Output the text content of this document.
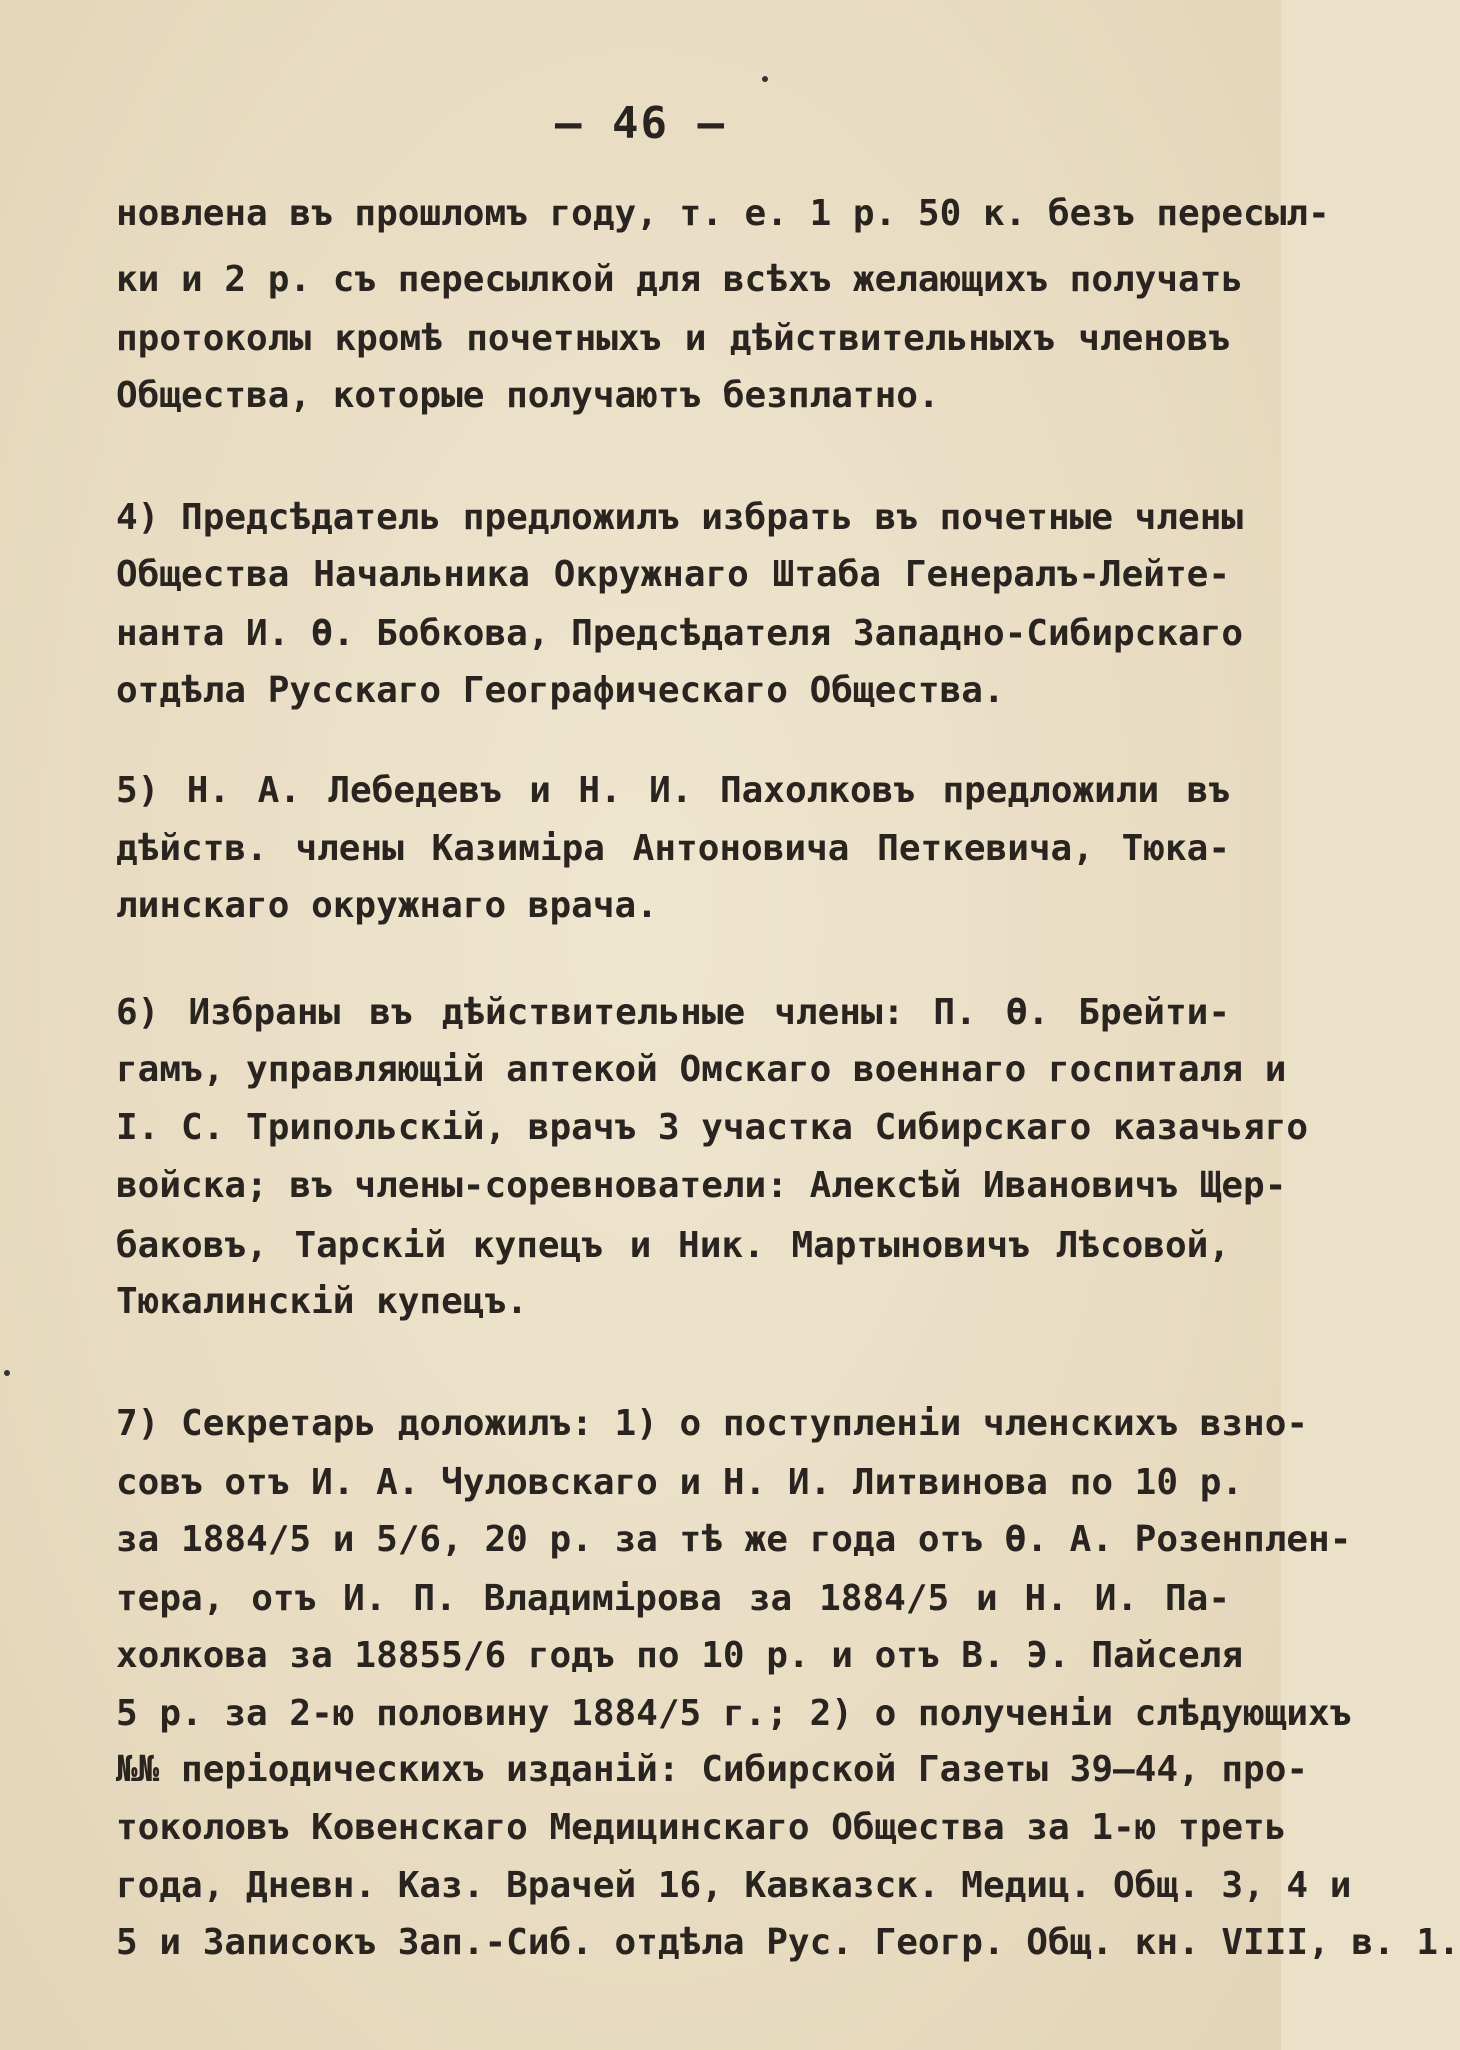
— 46 —
новлена въ прошломъ году, т. е. 1 р. 50 к. безъ пересыл-
ки и 2 р. съ пересылкой для всѣхъ желающихъ получать
протоколы кромѣ почетныхъ и дѣйствительныхъ членовъ
Общества, которые получаютъ безплатно.
4) Предсѣдатель предложилъ избрать въ почетные члены
Общества Начальника Окружнаго Штаба Генералъ-Лейте-
нанта И. Ѳ. Бобкова, Предсѣдателя Западно-Сибирскаго
отдѣла Русскаго Географическаго Общества.
5) Н. А. Лебедевъ и Н. И. Пахолковъ предложили въ
дѣйств. члены Казиміра Антоновича Петкевича, Тюка-
линскаго окружнаго врача.
6) Избраны въ дѣйствительные члены: П. Ѳ. Брейти-
гамъ, управляющій аптекой Омскаго военнаго госпиталя и
І. С. Трипольскій, врачъ 3 участка Сибирскаго казачьяго
войска; въ члены-соревнователи: Алексѣй Ивановичъ Щер-
баковъ, Тарскій купецъ и Ник. Мартыновичъ Лѣсовой,
Тюкалинскій купецъ.
7) Секретарь доложилъ: 1) о поступленіи членскихъ взно-
совъ отъ И. А. Чуловскаго и Н. И. Литвинова по 10 р.
за 1884/5 и 5/6, 20 р. за тѣ же года отъ Ѳ. А. Розенплен-
тера, отъ И. П. Владимірова за 1884/5 и Н. И. Па-
холкова за 18855/6 годъ по 10 р. и отъ В. Э. Пайселя
5 р. за 2-ю половину 1884/5 г.; 2) о полученіи слѣдующихъ
№№ періодическихъ изданій: Сибирской Газеты 39—44, про-
токоловъ Ковенскаго Медицинскаго Общества за 1-ю треть
года, Дневн. Каз. Врачей 16, Кавказск. Медиц. Общ. 3, 4 и
5 и Записокъ Зап.-Сиб. отдѣла Рус. Геогр. Общ. кн. VIII, в. 1.
